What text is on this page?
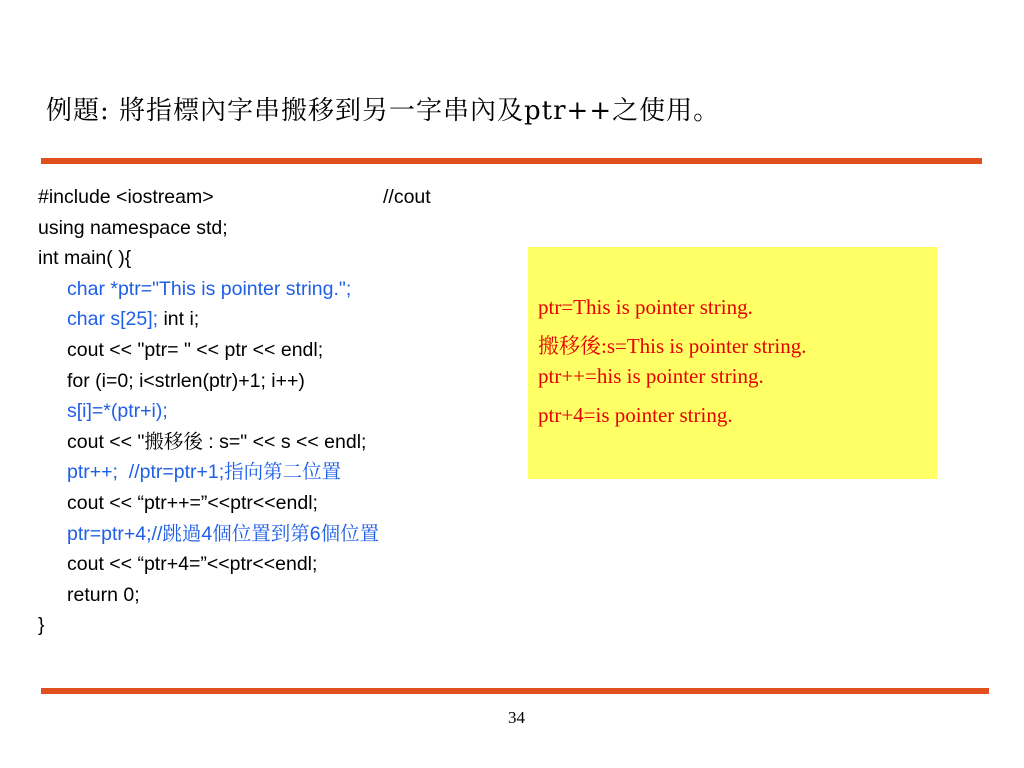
例題: 將指標內字串搬移到另一字串內及ptr++之使用。
#include <iostream>	//cout
using namespace std;
int main( ){
char *ptr="This is pointer string.";
char s[25]; int i;
cout << "ptr= " << ptr << endl;
for (i=0; i<strlen(ptr)+1; i++)
s[i]=*(ptr+i);
cout << "搬移後 : s=" << s << endl;
ptr++;  //ptr=ptr+1;指向第二位置
cout << “ptr++=”<<ptr<<endl;
ptr=ptr+4;//跳過4個位置到第6個位置
cout << “ptr+4=”<<ptr<<endl;
return 0;
}
ptr=This is pointer string.
搬移後:s=This is pointer string.
ptr++=his is pointer string.
ptr+4=is pointer string.
34
